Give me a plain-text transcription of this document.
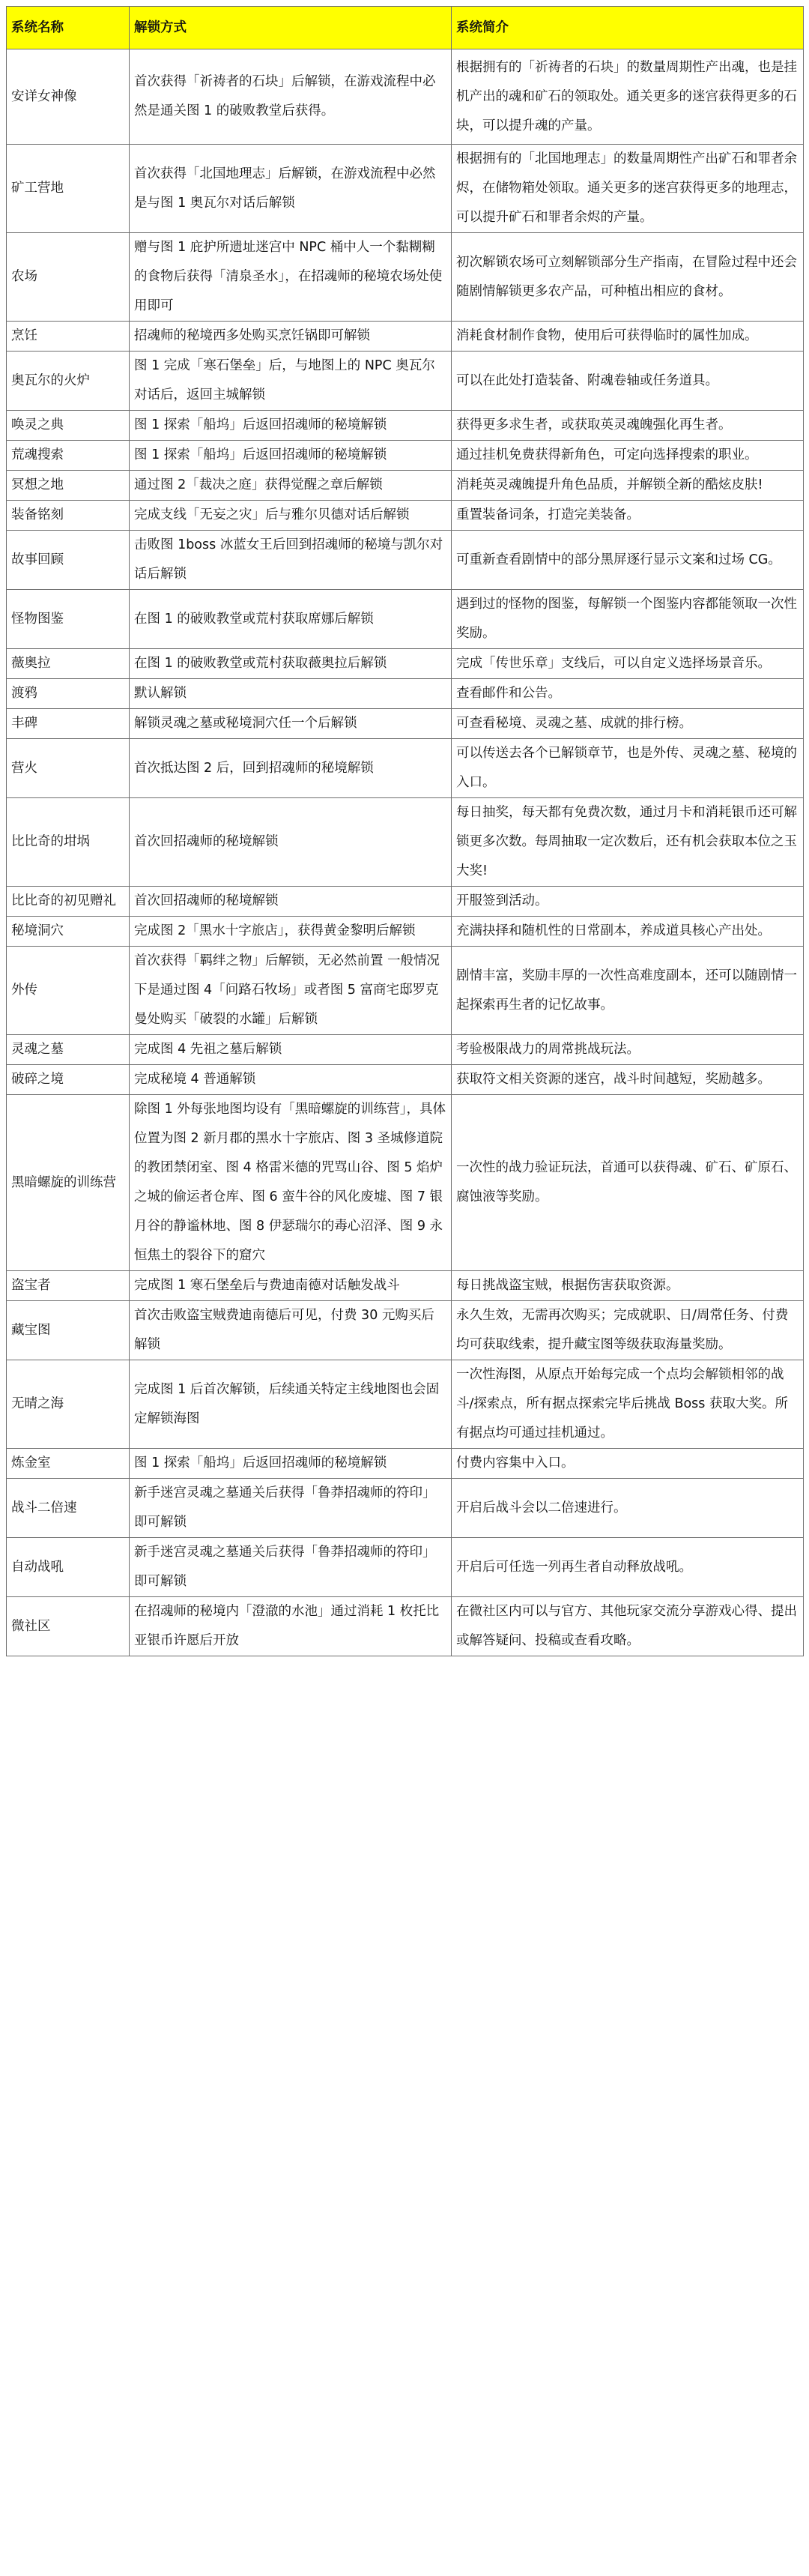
系统名称	解锁方式	系统简介
安详女神像	首次获得「祈祷者的石块」后解锁，在游戏流程中必然是通关图 1 的破败教堂后获得。	根据拥有的「祈祷者的石块」的数量周期性产出魂，也是挂机产出的魂和矿石的领取处。通关更多的迷宫获得更多的石块，可以提升魂的产量。
矿工营地	首次获得「北国地理志」后解锁，在游戏流程中必然是与图 1 奥瓦尔对话后解锁	根据拥有的「北国地理志」的数量周期性产出矿石和罪者余烬，在储物箱处领取。通关更多的迷宫获得更多的地理志，可以提升矿石和罪者余烬的产量。
农场	赠与图 1 庇护所遗址迷宫中 NPC 桶中人一个黏糊糊的食物后获得「清泉圣水」，在招魂师的秘境农场处使用即可	初次解锁农场可立刻解锁部分生产指南，在冒险过程中还会随剧情解锁更多农产品，可种植出相应的食材。
烹饪	招魂师的秘境西多处购买烹饪锅即可解锁	消耗食材制作食物，使用后可获得临时的属性加成。
奥瓦尔的火炉	图 1 完成「寒石堡垒」后，与地图上的 NPC 奥瓦尔对话后，返回主城解锁	可以在此处打造装备、附魂卷轴或任务道具。
唤灵之典	图 1 探索「船坞」后返回招魂师的秘境解锁	获得更多求生者，或获取英灵魂魄强化再生者。
荒魂搜索	图 1 探索「船坞」后返回招魂师的秘境解锁	通过挂机免费获得新角色，可定向选择搜索的职业。
冥想之地	通过图 2「裁决之庭」获得觉醒之章后解锁	消耗英灵魂魄提升角色品质，并解锁全新的酷炫皮肤!
装备铭刻	完成支线「无妄之灾」后与雅尔贝德对话后解锁	重置装备词条，打造完美装备。
故事回顾	击败图 1boss 冰蓝女王后回到招魂师的秘境与凯尔对话后解锁	可重新查看剧情中的部分黑屏逐行显示文案和过场 CG。
怪物图鉴	在图 1 的破败教堂或荒村获取席娜后解锁	遇到过的怪物的图鉴，每解锁一个图鉴内容都能领取一次性奖励。
薇奥拉	在图 1 的破败教堂或荒村获取薇奥拉后解锁	完成「传世乐章」支线后，可以自定义选择场景音乐。
渡鸦	默认解锁	查看邮件和公告。
丰碑	解锁灵魂之墓或秘境洞穴任一个后解锁	可查看秘境、灵魂之墓、成就的排行榜。
营火	首次抵达图 2 后，回到招魂师的秘境解锁	可以传送去各个已解锁章节，也是外传、灵魂之墓、秘境的入口。
比比奇的坩埚	首次回招魂师的秘境解锁	每日抽奖，每天都有免费次数，通过月卡和消耗银币还可解锁更多次数。每周抽取一定次数后，还有机会获取本位之玉大奖!
比比奇的初见赠礼	首次回招魂师的秘境解锁	开服签到活动。
秘境洞穴	完成图 2「黑水十字旅店」，获得黄金黎明后解锁	充满抉择和随机性的日常副本，养成道具核心产出处。
外传	首次获得「羁绊之物」后解锁，无必然前置 一般情况下是通过图 4「问路石牧场」或者图 5 富商宅邸罗克曼处购买「破裂的水罐」后解锁	剧情丰富，奖励丰厚的一次性高难度副本，还可以随剧情一起探索再生者的记忆故事。
灵魂之墓	完成图 4 先祖之墓后解锁	考验极限战力的周常挑战玩法。
破碎之境	完成秘境 4 普通解锁	获取符文相关资源的迷宫，战斗时间越短，奖励越多。
黑暗螺旋的训练营	除图 1 外每张地图均设有「黑暗螺旋的训练营」，具体位置为图 2 新月郡的黑水十字旅店、图 3 圣城修道院的教团禁闭室、图 4 格雷米德的咒骂山谷、图 5 焰炉之城的偷运者仓库、图 6 蛮牛谷的风化废墟、图 7 银月谷的静谧林地、图 8 伊瑟瑞尔的毒心沼泽、图 9 永恒焦土的裂谷下的窟穴	一次性的战力验证玩法，首通可以获得魂、矿石、矿原石、腐蚀液等奖励。
盗宝者	完成图 1 寒石堡垒后与费迪南德对话触发战斗	每日挑战盗宝贼，根据伤害获取资源。
藏宝图	首次击败盗宝贼费迪南德后可见，付费 30 元购买后解锁	永久生效，无需再次购买；完成就职、日/周常任务、付费均可获取线索，提升藏宝图等级获取海量奖励。
无晴之海	完成图 1 后首次解锁，后续通关特定主线地图也会固定解锁海图	一次性海图，从原点开始每完成一个点均会解锁相邻的战斗/探索点，所有据点探索完毕后挑战 Boss 获取大奖。所有据点均可通过挂机通过。
炼金室	图 1 探索「船坞」后返回招魂师的秘境解锁	付费内容集中入口。
战斗二倍速	新手迷宫灵魂之墓通关后获得「鲁莽招魂师的符印」即可解锁	开启后战斗会以二倍速进行。
自动战吼	新手迷宫灵魂之墓通关后获得「鲁莽招魂师的符印」即可解锁	开启后可任选一列再生者自动释放战吼。
微社区	在招魂师的秘境内「澄澈的水池」通过消耗 1 枚托比亚银币许愿后开放	在微社区内可以与官方、其他玩家交流分享游戏心得、提出或解答疑问、投稿或查看攻略。
